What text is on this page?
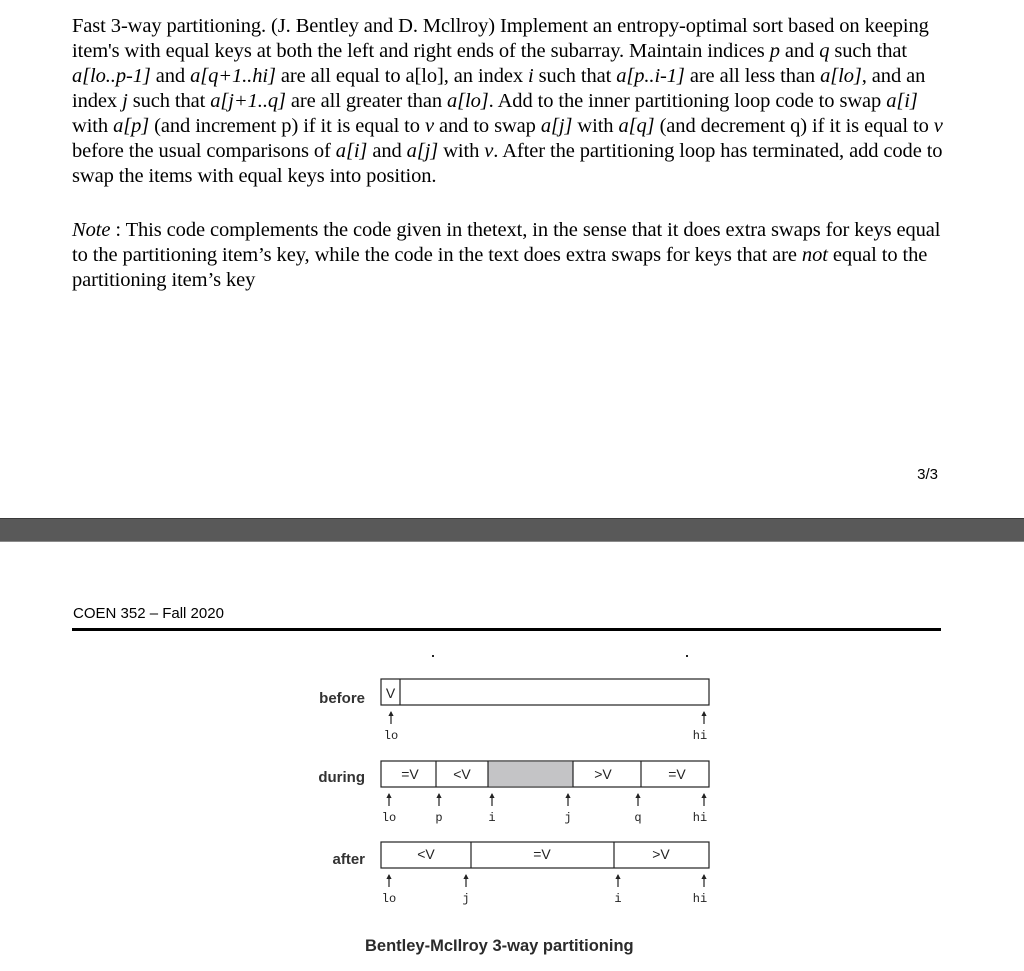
Fast 3-way partitioning. (J. Bentley and D. Mcllroy) Implement an entropy-optimal sort based on keeping item's with equal keys at both the left and right ends of the subarray. Maintain indices p and q such that a[lo..p-1] and a[q+1..hi] are all equal to a[lo], an index i such that a[p..i-1] are all less than a[lo], and an index j such that a[j+1..q] are all greater than a[lo]. Add to the inner partitioning loop code to swap a[i] with a[p] (and increment p) if it is equal to v and to swap a[j] with a[q] (and decrement q) if it is equal to v before the usual comparisons of a[i] and a[j] with v. After the partitioning loop has terminated, add code to swap the items with equal keys into position.
Note : This code complements the code given in thetext, in the sense that it does extra swaps for keys equal to the partitioning item’s key, while the code in the text does extra swaps for keys that are not equal to the partitioning item’s key
3/3
COEN 352 – Fall 2020
before V
lo	hi
during	=V <V	>V	=V
lo	p	i	j	q	hi
after	<V	=V	>V
lo	j	i	hi
Bentley-McIlroy 3-way partitioning
